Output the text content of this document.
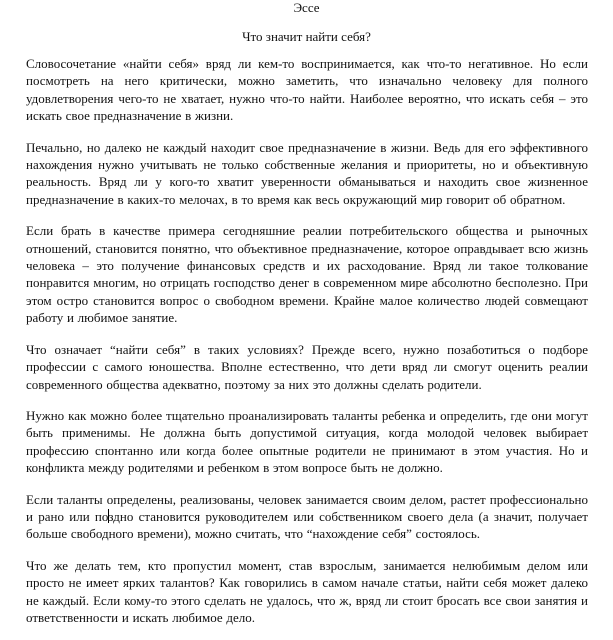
Эссе
Что значит найти себя?

Словосочетание «найти себя» вряд ли кем-то воспринимается, как что-то негативное. Но если посмотреть на него критически, можно заметить, что изначально человеку для полного удовлетворения чего-то не хватает, нужно что-то найти. Наиболее вероятно, что искать себя – это искать свое предназначение в жизни.

Печально, но далеко не каждый находит свое предназначение в жизни. Ведь для его эффективного нахождения нужно учитывать не только собственные желания и приоритеты, но и объективную реальность. Вряд ли у кого-то хватит уверенности обманываться и находить свое жизненное предназначение в каких-то мелочах, в то время как весь окружающий мир говорит об обратном.

Если брать в качестве примера сегодняшние реалии потребительского общества и рыночных отношений, становится понятно, что объективное предназначение, которое оправдывает всю жизнь человека – это получение финансовых средств и их расходование. Вряд ли такое толкование понравится многим, но отрицать господство денег в современном мире абсолютно бесполезно. При этом остро становится вопрос о свободном времени. Крайне малое количество людей совмещают работу и любимое занятие.

Что означает “найти себя” в таких условиях? Прежде всего, нужно позаботиться о подборе профессии с самого юношества. Вполне естественно, что дети вряд ли смогут оценить реалии современного общества адекватно, поэтому за них это должны сделать родители.

Нужно как можно более тщательно проанализировать таланты ребенка и определить, где они могут быть применимы. Не должна быть допустимой ситуация, когда молодой человек выбирает профессию спонтанно или когда более опытные родители не принимают в этом участия. Но и конфликта между родителями и ребенком в этом вопросе быть не должно.

Если таланты определены, реализованы, человек занимается своим делом, растет профессионально и рано или поздно становится руководителем или собственником своего дела (а значит, получает больше свободного времени), можно считать, что “нахождение себя” состоялось.

Что же делать тем, кто пропустил момент, став взрослым, занимается нелюбимым делом или просто не имеет ярких талантов? Как говорились в самом начале статьи, найти себя может далеко не каждый. Если кому-то этого сделать не удалось, что ж, вряд ли стоит бросать все свои занятия и ответственности и искать любимое дело.
